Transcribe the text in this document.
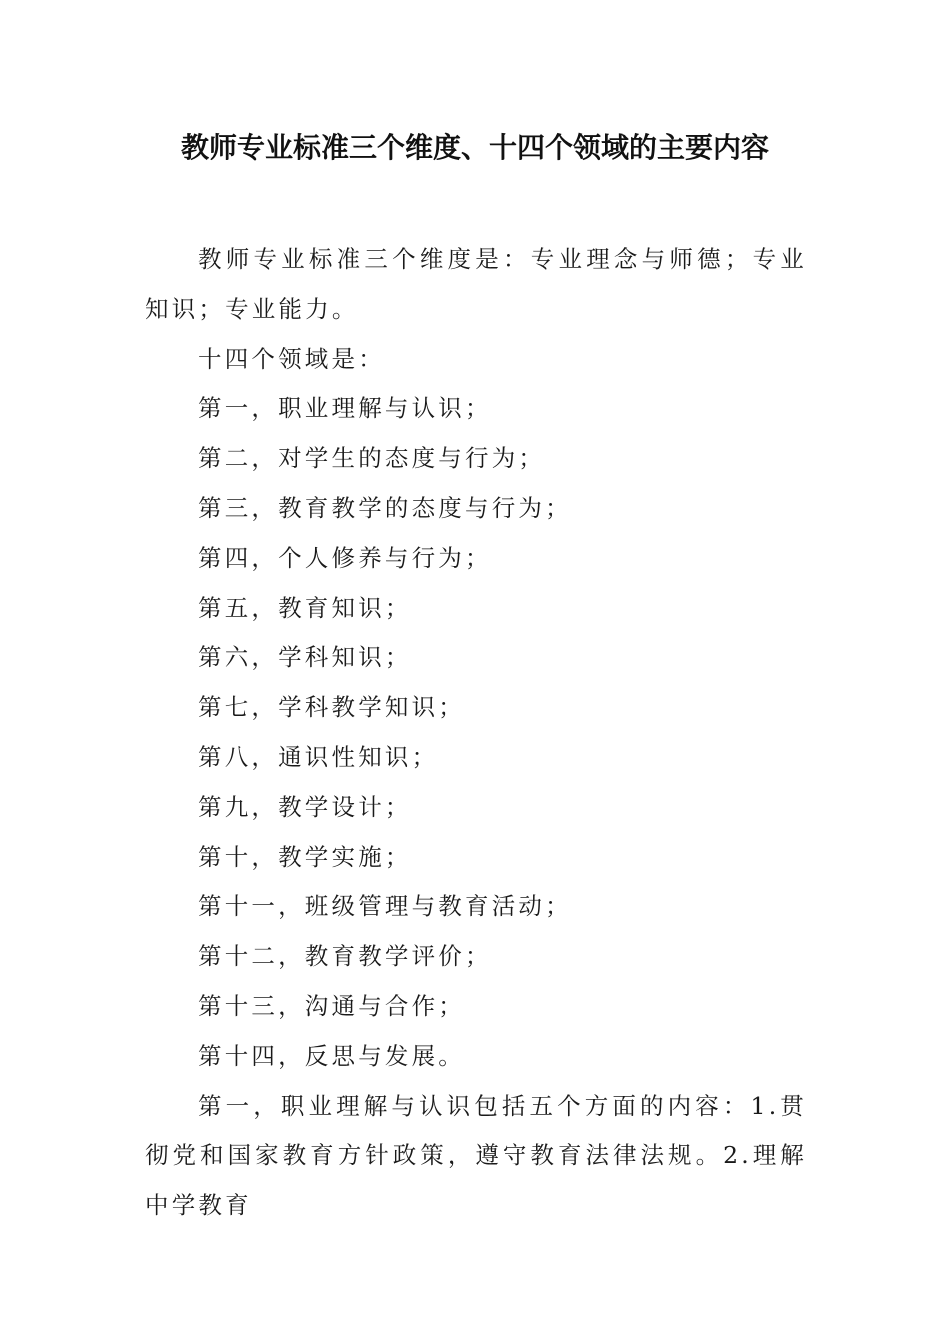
教师专业标准三个维度、十四个领域的主要内容

教师专业标准三个维度是：专业理念与师德；专业知识；专业能力。

十四个领域是：

第一，职业理解与认识；

第二，对学生的态度与行为；

第三，教育教学的态度与行为；

第四，个人修养与行为；

第五，教育知识；

第六，学科知识；

第七，学科教学知识；

第八，通识性知识；

第九，教学设计；

第十，教学实施；

第十一，班级管理与教育活动；

第十二，教育教学评价；

第十三，沟通与合作；

第十四，反思与发展。

第一，职业理解与认识包括五个方面的内容：1.贯彻党和国家教育方针政策，遵守教育法律法规。2.理解中学教育
